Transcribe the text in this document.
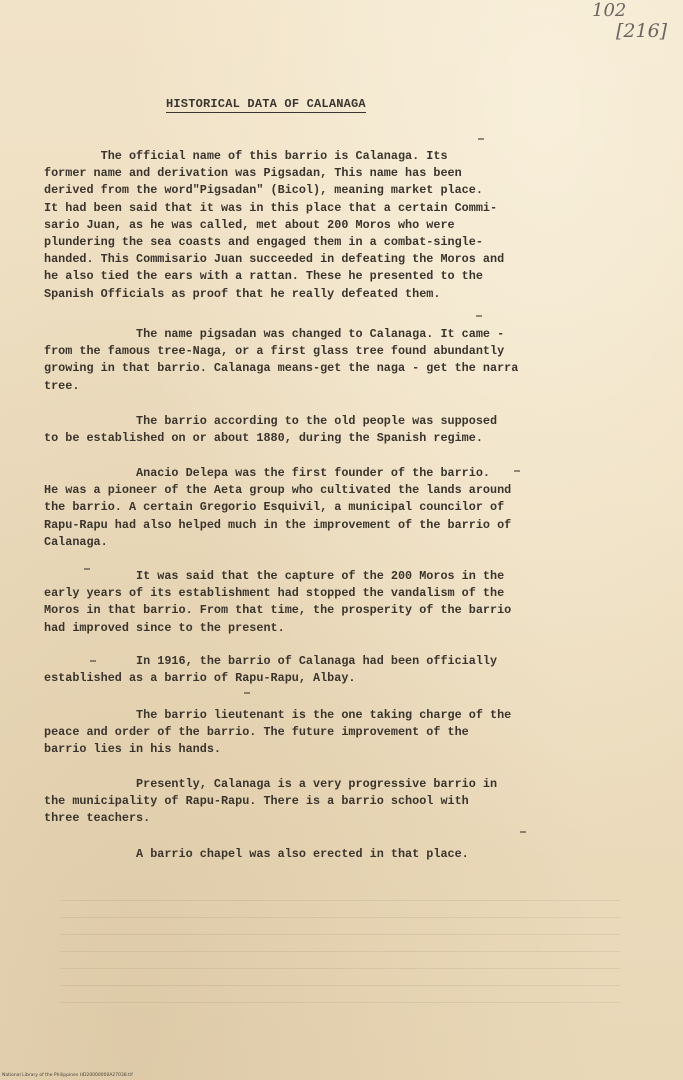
102
[216]
HISTORICAL DATA OF CALANAGA

The official name of this barrio is Calanaga. Its
former name and derivation was Pigsadan, This name has been
derived from the word"Pigsadan" (Bicol), meaning market place.
It had been said that it was in this place that a certain Commi-
sario Juan, as he was called, met about 200 Moros who were
plundering the sea coasts and engaged them in a combat-single-
handed. This Commisario Juan succeeded in defeating the Moros and
he also tied the ears with a rattan. These he presented to the
Spanish Officials as proof that he really defeated them.

The name pigsadan was changed to Calanaga. It came -
from the famous tree-Naga, or a first glass tree found abundantly
growing in that barrio. Calanaga means-get the naga - get the narra
tree.

The barrio according to the old people was supposed
to be established on or about 1880, during the Spanish regime.

Anacio Delepa was the first founder of the barrio.
He was a pioneer of the Aeta group who cultivated the lands around
the barrio. A certain Gregorio Esquivil, a municipal councilor of
Rapu-Rapu had also helped much in the improvement of the barrio of
Calanaga.

It was said that the capture of the 200 Moros in the
early years of its establishment had stopped the vandalism of the
Moros in that barrio. From that time, the prosperity of the barrio
had improved since to the present.

In 1916, the barrio of Calanaga had been officially
established as a barrio of Rapu-Rapu, Albay.

The barrio lieutenant is the one taking charge of the
peace and order of the barrio. The future improvement of the
barrio lies in his hands.

Presently, Calanaga is a very progressive barrio in
the municipality of Rapu-Rapu. There is a barrio school with
three teachers.

A barrio chapel was also erected in that place.

National Library of the Philippines HD20000000A27038.tif
